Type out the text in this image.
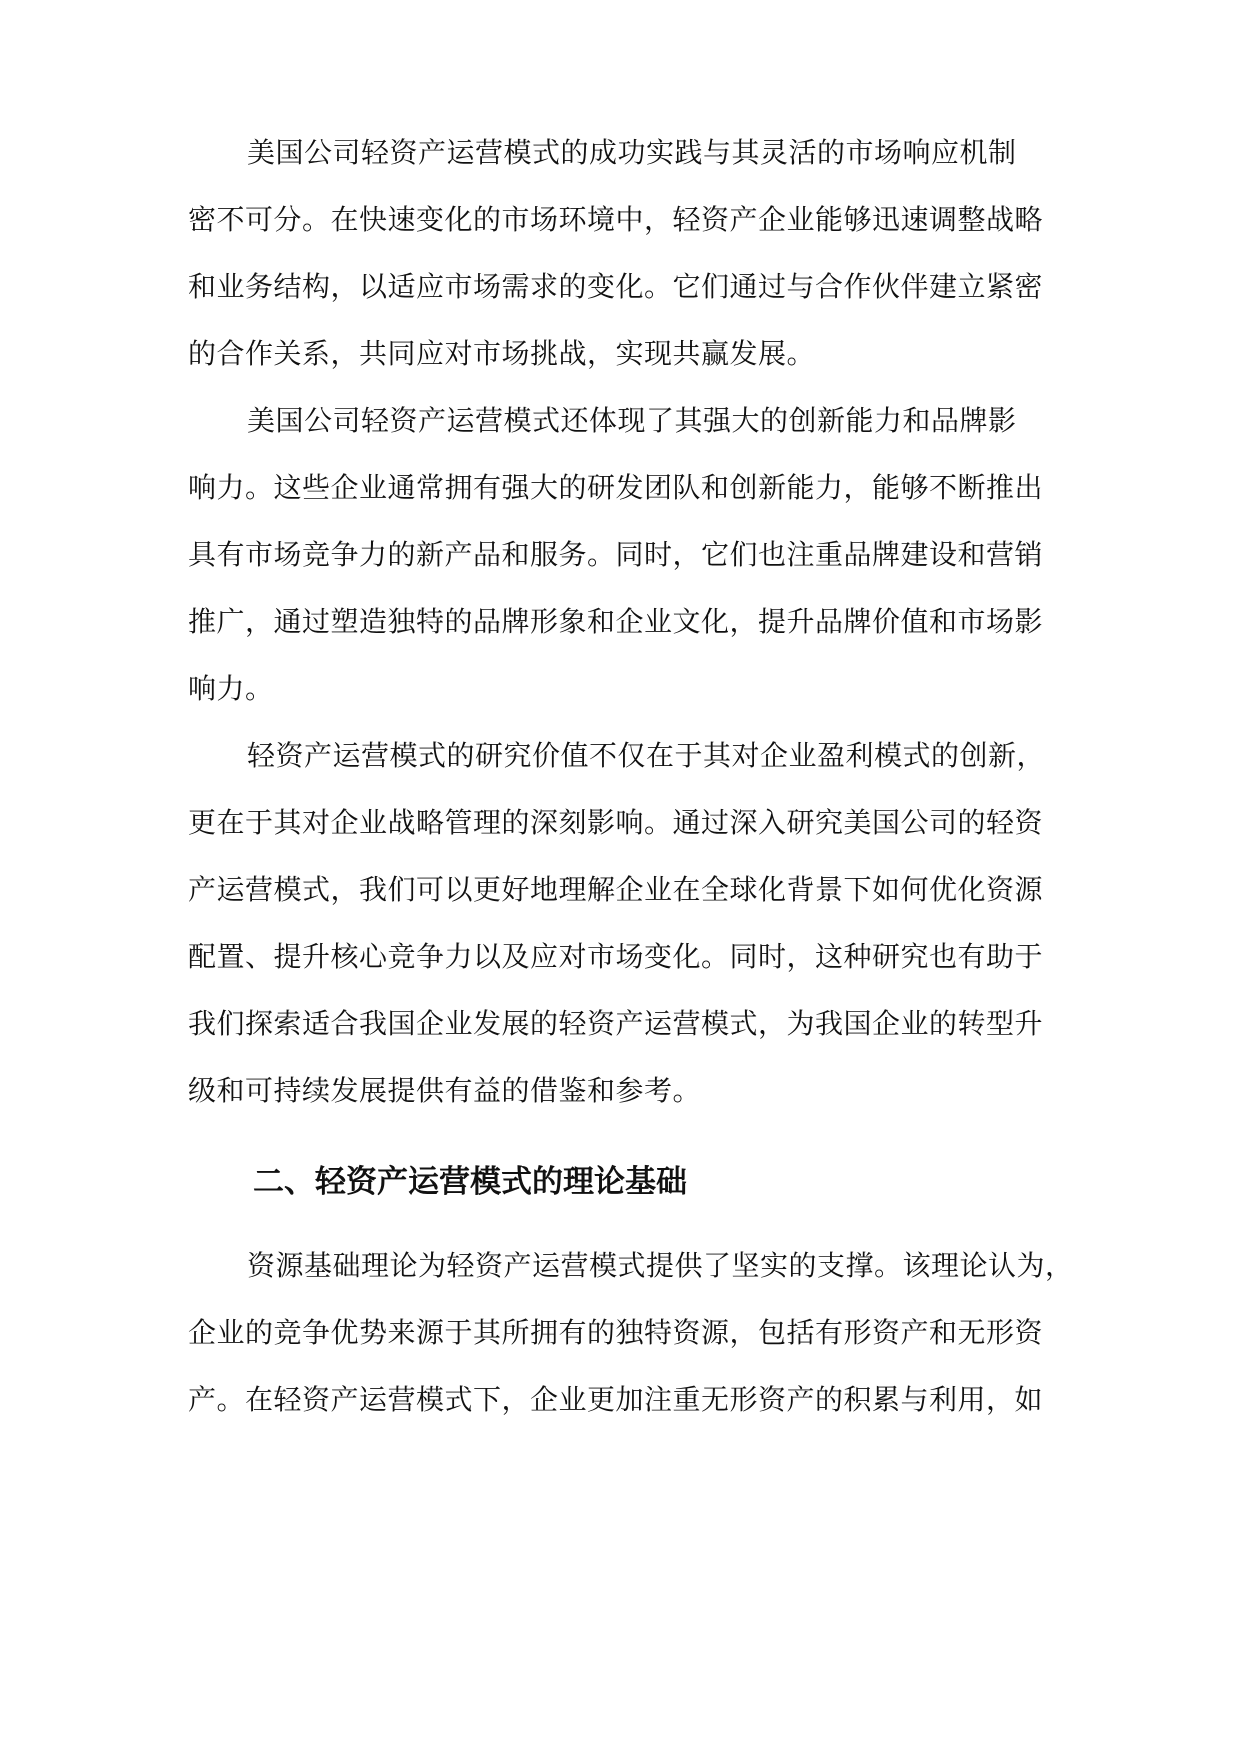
美国公司轻资产运营模式的成功实践与其灵活的市场响应机制

密不可分。在快速变化的市场环境中，轻资产企业能够迅速调整战略

和业务结构，以适应市场需求的变化。它们通过与合作伙伴建立紧密

的合作关系，共同应对市场挑战，实现共赢发展。

美国公司轻资产运营模式还体现了其强大的创新能力和品牌影

响力。这些企业通常拥有强大的研发团队和创新能力，能够不断推出

具有市场竞争力的新产品和服务。同时，它们也注重品牌建设和营销

推广，通过塑造独特的品牌形象和企业文化，提升品牌价值和市场影

响力。

轻资产运营模式的研究价值不仅在于其对企业盈利模式的创新，

更在于其对企业战略管理的深刻影响。通过深入研究美国公司的轻资

产运营模式，我们可以更好地理解企业在全球化背景下如何优化资源

配置、提升核心竞争力以及应对市场变化。同时，这种研究也有助于

我们探索适合我国企业发展的轻资产运营模式，为我国企业的转型升

级和可持续发展提供有益的借鉴和参考。

二、轻资产运营模式的理论基础

资源基础理论为轻资产运营模式提供了坚实的支撑。该理论认为，

企业的竞争优势来源于其所拥有的独特资源，包括有形资产和无形资

产。在轻资产运营模式下，企业更加注重无形资产的积累与利用，如
